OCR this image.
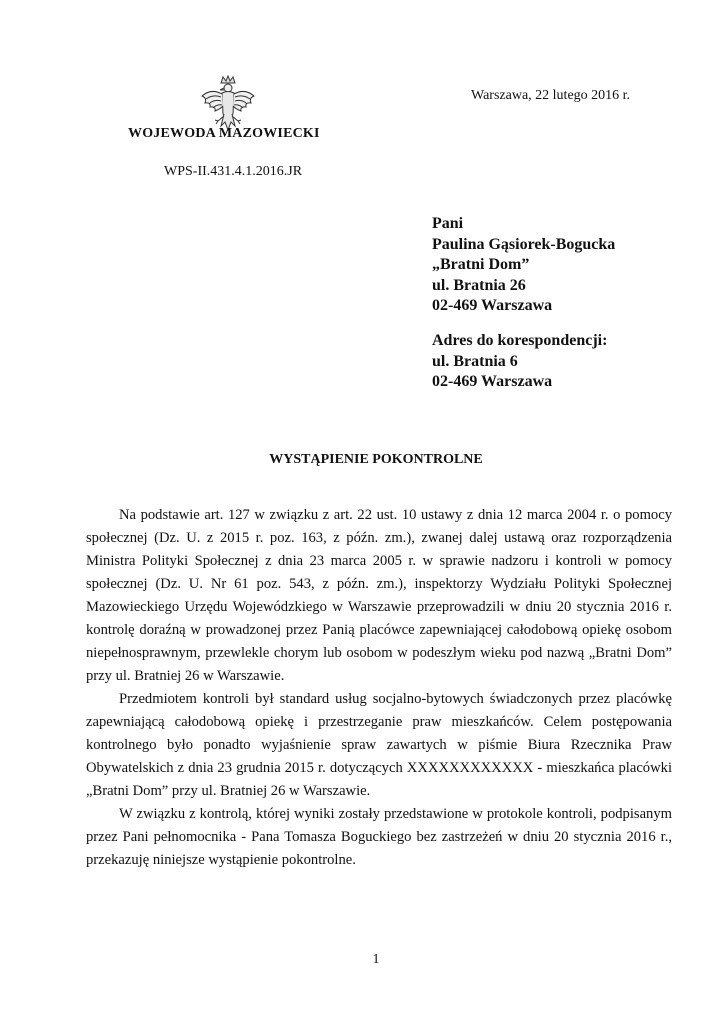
WOJEWODA MAZOWIECKI
WPS-II.431.4.1.2016.JR
Warszawa, 22 lutego 2016 r.
Pani
Paulina Gąsiorek-Bogucka
„Bratni Dom”
ul. Bratnia 26
02-469 Warszawa
Adres do korespondencji:
ul. Bratnia 6
02-469 Warszawa
WYSTĄPIENIE POKONTROLNE

Na podstawie art. 127 w związku z art. 22 ust. 10 ustawy z dnia 12 marca 2004 r. o pomocy społecznej (Dz. U. z 2015 r. poz. 163, z późn. zm.), zwanej dalej ustawą oraz rozporządzenia Ministra Polityki Społecznej z dnia 23 marca 2005 r. w sprawie nadzoru i kontroli w pomocy społecznej (Dz. U. Nr 61 poz. 543, z późn. zm.), inspektorzy Wydziału Polityki Społecznej Mazowieckiego Urzędu Wojewódzkiego w Warszawie przeprowadzili w dniu 20 stycznia 2016 r. kontrolę doraźną w prowadzonej przez Panią placówce zapewniającej całodobową opiekę osobom niepełnosprawnym, przewlekle chorym lub osobom w podeszłym wieku pod nazwą „Bratni Dom” przy ul. Bratniej 26 w Warszawie.

Przedmiotem kontroli był standard usług socjalno-bytowych świadczonych przez placówkę zapewniającą całodobową opiekę i przestrzeganie praw mieszkańców. Celem postępowania kontrolnego było ponadto wyjaśnienie spraw zawartych w piśmie Biura Rzecznika Praw Obywatelskich z dnia 23 grudnia 2015 r. dotyczących XXXXXXXXXXXX - mieszkańca placówki „Bratni Dom” przy ul. Bratniej 26 w Warszawie.

W związku z kontrolą, której wyniki zostały przedstawione w protokole kontroli, podpisanym przez Pani pełnomocnika - Pana Tomasza Boguckiego bez zastrzeżeń w dniu 20 stycznia 2016 r., przekazuję niniejsze wystąpienie pokontrolne.

1
